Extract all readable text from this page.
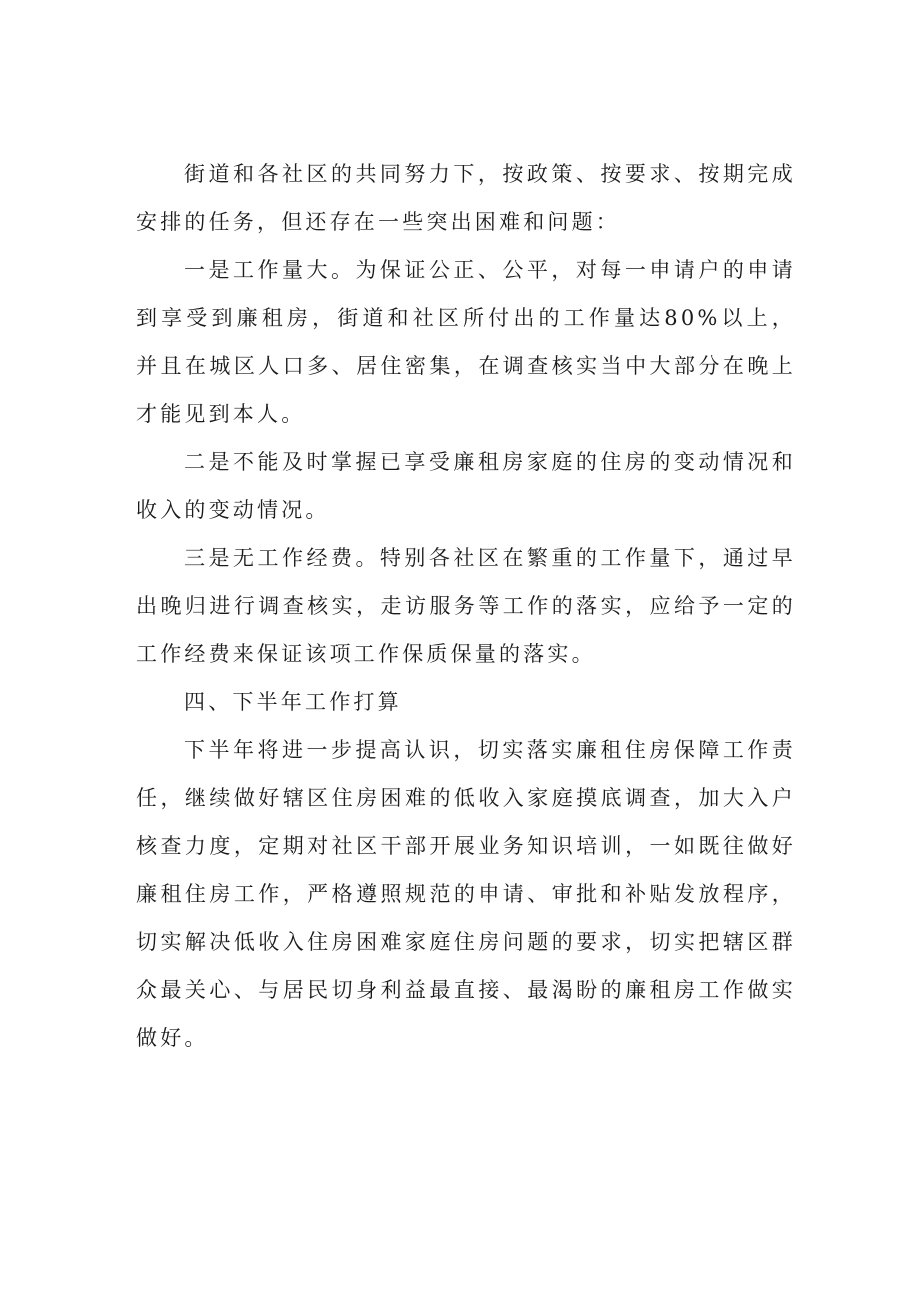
街道和各社区的共同努力下，按政策、按要求、按期完成安排的任务，但还存在一些突出困难和问题：

一是工作量大。为保证公正、公平，对每一申请户的申请到享受到廉租房，街道和社区所付出的工作量达80%以上，并且在城区人口多、居住密集，在调查核实当中大部分在晚上才能见到本人。

二是不能及时掌握已享受廉租房家庭的住房的变动情况和收入的变动情况。

三是无工作经费。特别各社区在繁重的工作量下，通过早出晚归进行调查核实，走访服务等工作的落实，应给予一定的工作经费来保证该项工作保质保量的落实。

四、下半年工作打算

下半年将进一步提高认识，切实落实廉租住房保障工作责任，继续做好辖区住房困难的低收入家庭摸底调查，加大入户核查力度，定期对社区干部开展业务知识培训，一如既往做好廉租住房工作，严格遵照规范的申请、审批和补贴发放程序，切实解决低收入住房困难家庭住房问题的要求，切实把辖区群众最关心、与居民切身利益最直接、最渴盼的廉租房工作做实做好。
